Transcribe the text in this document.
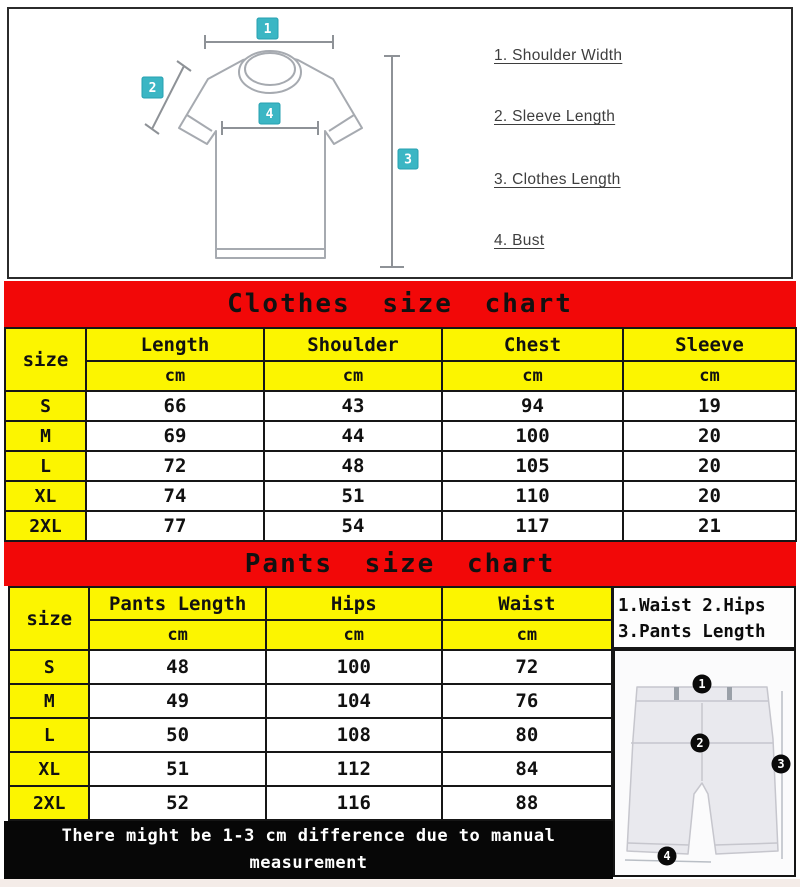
1
2
3
4
1. Shoulder Width
2. Sleeve Length
3. Clothes Length
4. Bust
Clothes size chart
size	Length	Shoulder	Chest	Sleeve
	cm	cm	cm	cm
S	66	43	94	19
M	69	44	100	20
L	72	48	105	20
XL	74	51	110	20
2XL	77	54	117	21
Pants size chart
size	Pants Length	Hips	Waist
	cm	cm	cm
S	48	100	72
M	49	104	76
L	50	108	80
XL	51	112	84
2XL	52	116	88
There might be 1-3 cm difference due to manual
measurement
1.Waist 2.Hips
3.Pants Length
1
2
3
4
